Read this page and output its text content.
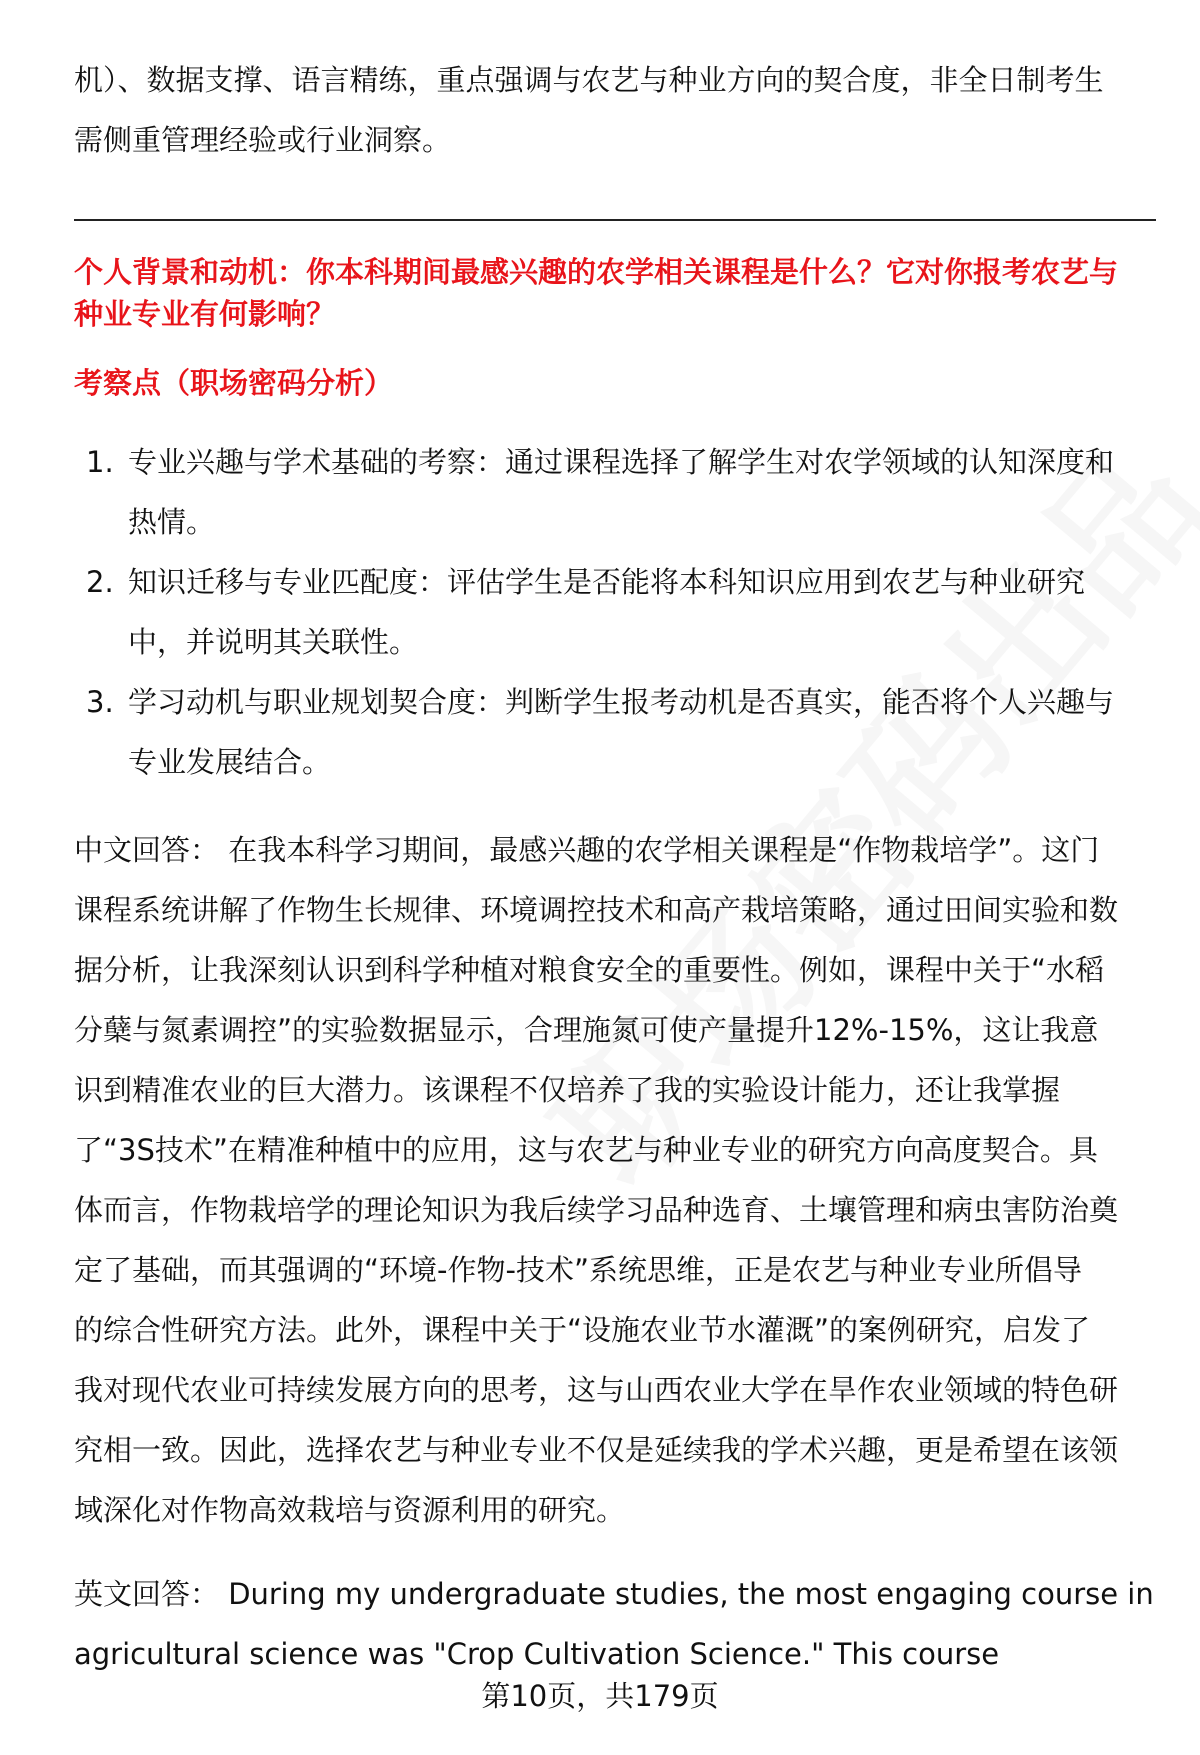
机）、数据支撑、语言精练，重点强调与农艺与种业方向的契合度，非全日制考生
需侧重管理经验或行业洞察。
个人背景和动机：你本科期间最感兴趣的农学相关课程是什么？它对你报考农艺与
种业专业有何影响？
考察点（职场密码分析）
1. 专业兴趣与学术基础的考察：通过课程选择了解学生对农学领域的认知深度和
热情。
2. 知识迁移与专业匹配度：评估学生是否能将本科知识应用到农艺与种业研究
中，并说明其关联性。
3. 学习动机与职业规划契合度：判断学生报考动机是否真实，能否将个人兴趣与
专业发展结合。
中文回答： 在我本科学习期间，最感兴趣的农学相关课程是“作物栽培学”。这门
课程系统讲解了作物生长规律、环境调控技术和高产栽培策略，通过田间实验和数
据分析，让我深刻认识到科学种植对粮食安全的重要性。例如，课程中关于“水稻
分蘖与氮素调控”的实验数据显示，合理施氮可使产量提升12%-15%，这让我意
识到精准农业的巨大潜力。该课程不仅培养了我的实验设计能力，还让我掌握
了“3S技术”在精准种植中的应用，这与农艺与种业专业的研究方向高度契合。具
体而言，作物栽培学的理论知识为我后续学习品种选育、土壤管理和病虫害防治奠
定了基础，而其强调的“环境-作物-技术”系统思维，正是农艺与种业专业所倡导
的综合性研究方法。此外，课程中关于“设施农业节水灌溉”的案例研究，启发了
我对现代农业可持续发展方向的思考，这与山西农业大学在旱作农业领域的特色研
究相一致。因此，选择农艺与种业专业不仅是延续我的学术兴趣，更是希望在该领
域深化对作物高效栽培与资源利用的研究。
英文回答： During my undergraduate studies, the most engaging course in
agricultural science was "Crop Cultivation Science." This course
第10页，共179页
